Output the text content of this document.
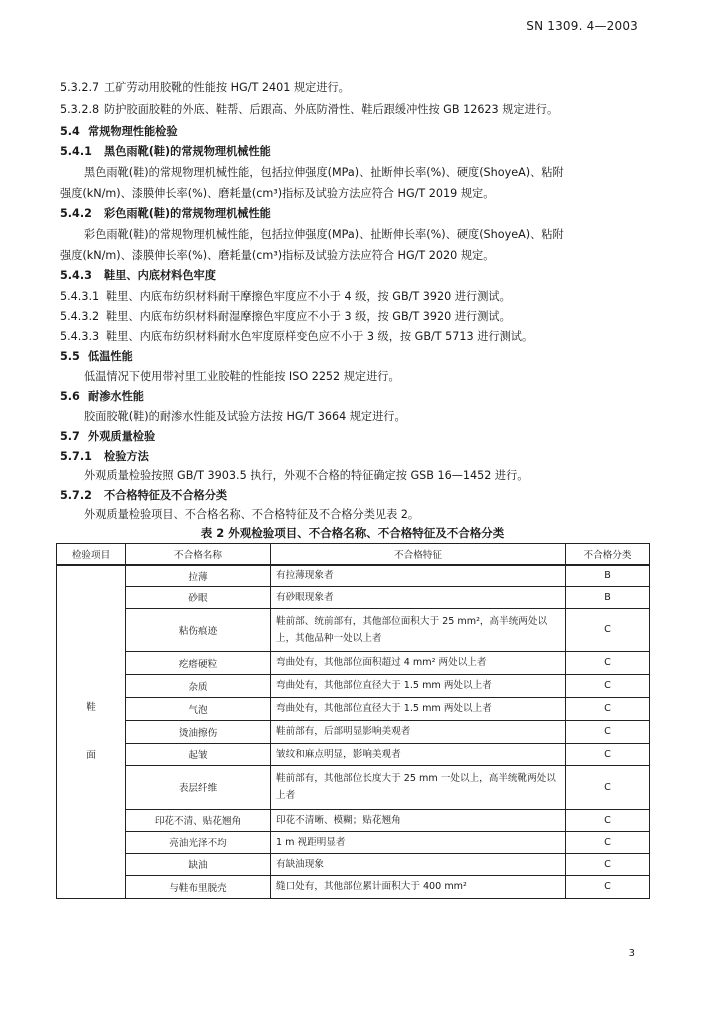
SN 1309. 4—2003
5.3.2.7 工矿劳动用胶靴的性能按 HG/T 2401 规定进行。
5.3.2.8 防护胶面胶鞋的外底、鞋帮、后跟高、外底防滑性、鞋后跟缓冲性按 GB 12623 规定进行。
5.4 常规物理性能检验
5.4.1 黑色雨靴(鞋)的常规物理机械性能
黑色雨靴(鞋)的常规物理机械性能，包括拉伸强度(MPa)、扯断伸长率(%)、硬度(ShoyeA)、粘附
强度(kN/m)、漆膜伸长率(%)、磨耗量(cm³)指标及试验方法应符合 HG/T 2019 规定。
5.4.2 彩色雨靴(鞋)的常规物理机械性能
彩色雨靴(鞋)的常规物理机械性能，包括拉伸强度(MPa)、扯断伸长率(%)、硬度(ShoyeA)、粘附
强度(kN/m)、漆膜伸长率(%)、磨耗量(cm³)指标及试验方法应符合 HG/T 2020 规定。
5.4.3 鞋里、内底材料色牢度
5.4.3.1 鞋里、内底布纺织材料耐干摩擦色牢度应不小于 4 级，按 GB/T 3920 进行测试。
5.4.3.2 鞋里、内底布纺织材料耐湿摩擦色牢度应不小于 3 级，按 GB/T 3920 进行测试。
5.4.3.3 鞋里、内底布纺织材料耐水色牢度原样变色应不小于 3 级，按 GB/T 5713 进行测试。
5.5 低温性能
低温情况下使用带衬里工业胶鞋的性能按 ISO 2252 规定进行。
5.6 耐渗水性能
胶面胶靴(鞋)的耐渗水性能及试验方法按 HG/T 3664 规定进行。
5.7 外观质量检验
5.7.1 检验方法
外观质量检验按照 GB/T 3903.5 执行，外观不合格的特征确定按 GSB 16—1452 进行。
5.7.2 不合格特征及不合格分类
外观质量检验项目、不合格名称、不合格特征及不合格分类见表 2。
表 2 外观检验项目、不合格名称、不合格特征及不合格分类
检验项目	不合格名称	不合格特征	不合格分类
鞋面	拉薄	有拉薄现象者	B
	砂眼	有砂眼现象者	B
	粘伤痕迹	鞋前部、统前部有，其他部位面积大于 25 mm²，高半统两处以上，其他品种一处以上者	C
	疙瘩硬粒	弯曲处有，其他部位面积超过 4 mm² 两处以上者	C
	杂质	弯曲处有，其他部位直径大于 1.5 mm 两处以上者	C
	气泡	弯曲处有，其他部位直径大于 1.5 mm 两处以上者	C
	烫油擦伤	鞋前部有，后部明显影响美观者	C
	起皱	皱纹和麻点明显，影响美观者	C
	表层纤维	鞋前部有，其他部位长度大于 25 mm 一处以上，高半统靴两处以上者	C
	印花不清、贴花翘角	印花不清晰、模糊；贴花翘角	C
	亮油光泽不均	1 m 视距明显者	C
	缺油	有缺油现象	C
	与鞋布里脱壳	缝口处有，其他部位累计面积大于 400 mm²	C
3
